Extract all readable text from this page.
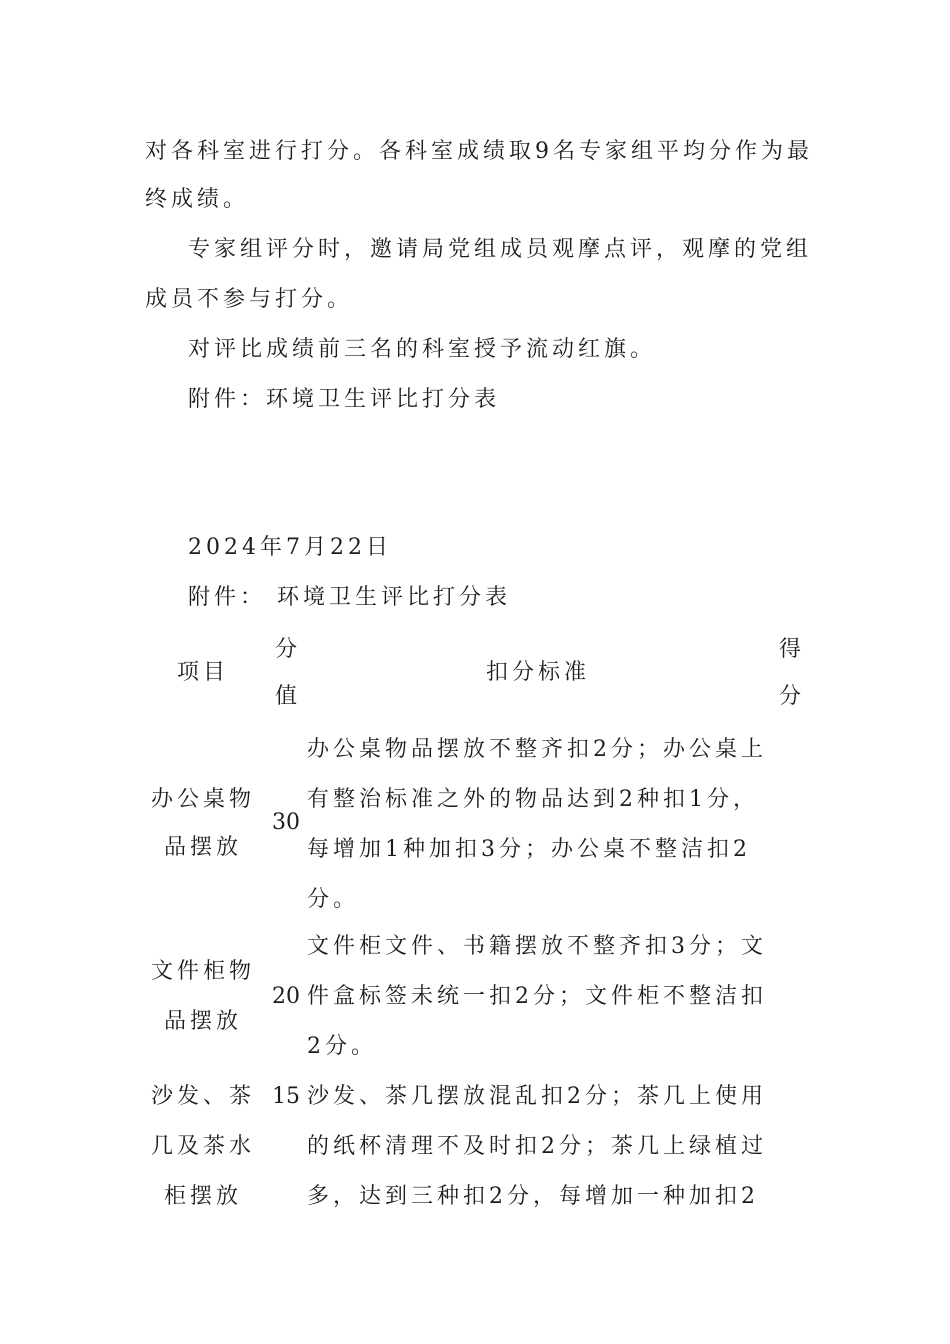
对各科室进行打分。各科室成绩取9名专家组平均分作为最
终成绩。
专家组评分时，邀请局党组成员观摩点评，观摩的党组
成员不参与打分。
对评比成绩前三名的科室授予流动红旗。
附件：环境卫生评比打分表
2024年7月22日
附件： 环境卫生评比打分表
项目
分
值
扣分标准
得
分
办公桌物
品摆放
30
办公桌物品摆放不整齐扣2分；办公桌上
有整治标准之外的物品达到2种扣1分，
每增加1种加扣3分；办公桌不整洁扣2
分。
文件柜物
品摆放
20
文件柜文件、书籍摆放不整齐扣3分；文
件盒标签未统一扣2分；文件柜不整洁扣
2分。
沙发、茶
几及茶水
柜摆放
15 沙发、茶几摆放混乱扣2分；茶几上使用
的纸杯清理不及时扣2分；茶几上绿植过
多，达到三种扣2分，每增加一种加扣2
